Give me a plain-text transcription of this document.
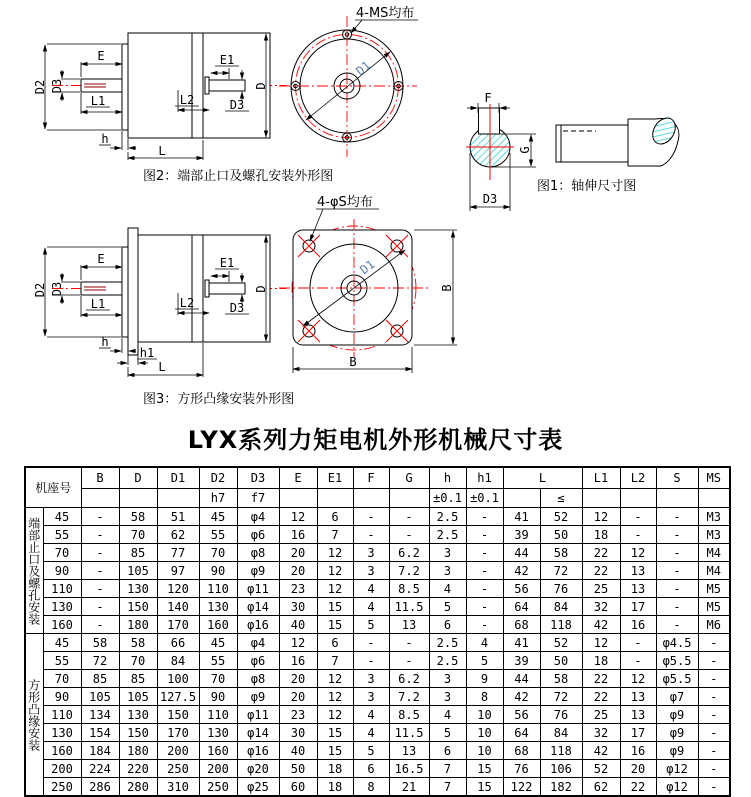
D2 D3
E
L1
E1
L2	D3
D
h
L
图2：端部止口及螺孔安装外形图
D1
4-MS均布
F
G
D3
图1：轴伸尺寸图
D2 D3
E
L1
E1
L2	D3
D
h
h1
L
图3：方形凸缘安装外形图
D1
4-φS均布
B
B
LYX系列力矩电机外形机械尺寸表
机座号		B	D	D1	D2	D3	E	E1	F	G	h	h1	L		L1	L2	S	MS
					h7	f7					±0.1	±0.1		≤				
端部止口及螺孔安装	45	-	58	51	45	φ4	12	6	-	-	2.5	-	41	52	12	-	-	M3
	55	-	70	62	55	φ6	16	7	-	-	2.5	-	39	50	18	-	-	M3
	70	-	85	77	70	φ8	20	12	3	6.2	3	-	44	58	22	12	-	M4
	90	-	105	97	90	φ9	20	12	3	7.2	3	-	42	72	22	13	-	M4
	110	-	130	120	110	φ11	23	12	4	8.5	4	-	56	76	25	13	-	M5
	130	-	150	140	130	φ14	30	15	4	11.5	5	-	64	84	32	17	-	M5
	160	-	180	170	160	φ16	40	15	5	13	6	-	68	118	42	16	-	M6
方形凸缘安装	45	58	58	66	45	φ4	12	6	-	-	2.5	4	41	52	12	-	φ4.5	-
	55	72	70	84	55	φ6	16	7	-	-	2.5	5	39	50	18	-	φ5.5	-
	70	85	85	100	70	φ8	20	12	3	6.2	3	9	44	58	22	12	φ5.5	-
	90	105	105	127.5	90	φ9	20	12	3	7.2	3	8	42	72	22	13	φ7	-
	110	134	130	150	110	φ11	23	12	4	8.5	4	10	56	76	25	13	φ9	-
	130	154	150	170	130	φ14	30	15	4	11.5	5	10	64	84	32	17	φ9	-
	160	184	180	200	160	φ16	40	15	5	13	6	10	68	118	42	16	φ9	-
	200	224	220	250	200	φ20	50	18	6	16.5	7	15	76	106	52	20	φ12	-
	250	286	280	310	250	φ25	60	18	8	21	7	15	122	182	62	22	φ12	-
